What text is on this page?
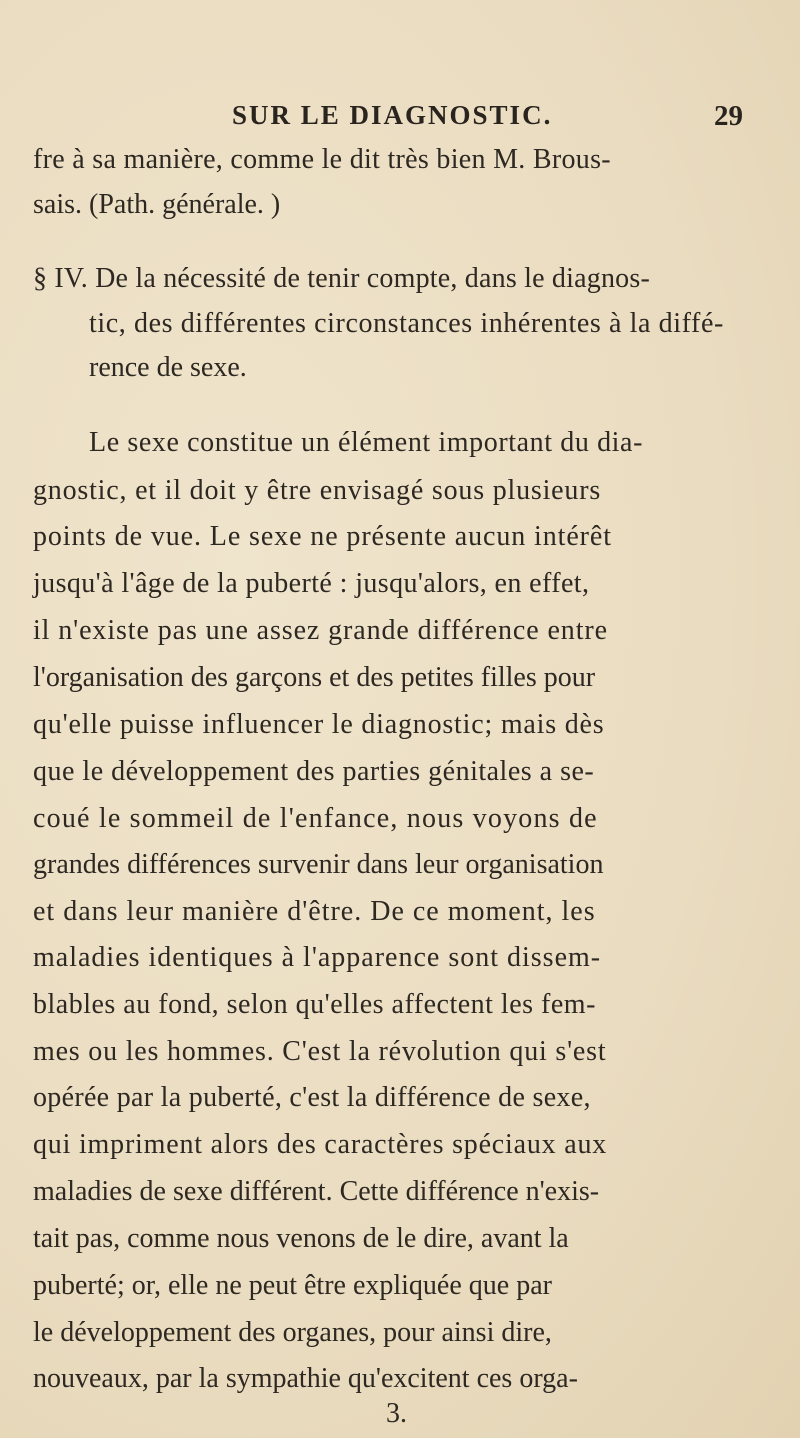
SUR LE DIAGNOSTIC.	29
fre à sa manière, comme le dit très bien M. Brous-
sais. (Path. générale. )
§ IV. De la nécessité de tenir compte, dans le diagnos-
tic, des différentes circonstances inhérentes à la diffé-
rence de sexe.
Le sexe constitue un élément important du dia-
gnostic, et il doit y être envisagé sous plusieurs
points de vue. Le sexe ne présente aucun intérêt
jusqu'à l'âge de la puberté : jusqu'alors, en effet,
il n'existe pas une assez grande différence entre
l'organisation des garçons et des petites filles pour
qu'elle puisse influencer le diagnostic; mais dès
que le développement des parties génitales a se-
coué le sommeil de l'enfance, nous voyons de
grandes différences survenir dans leur organisation
et dans leur manière d'être. De ce moment, les
maladies identiques à l'apparence sont dissem-
blables au fond, selon qu'elles affectent les fem-
mes ou les hommes. C'est la révolution qui s'est
opérée par la puberté, c'est la différence de sexe,
qui impriment alors des caractères spéciaux aux
maladies de sexe différent. Cette différence n'exis-
tait pas, comme nous venons de le dire, avant la
puberté; or, elle ne peut être expliquée que par
le développement des organes, pour ainsi dire,
nouveaux, par la sympathie qu'excitent ces orga-
3.
